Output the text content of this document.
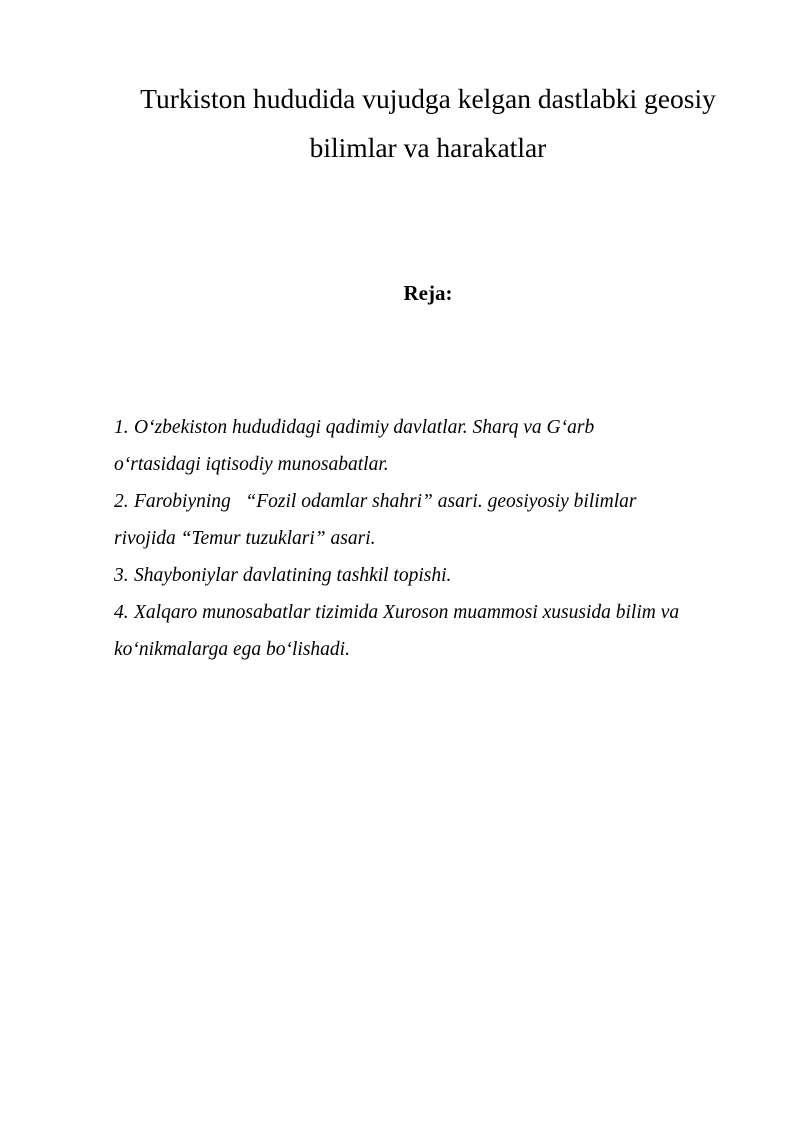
Turkiston hududida vujudga kelgan dastlabki geosiy
bilimlar va harakatlar
Reja:
1. O‘zbekiston hududidagi qadimiy davlatlar. Sharq va G‘arb
o‘rtasidagi iqtisodiy munosabatlar.
2. Farobiyning   “Fozil odamlar shahri” asari. geosiyosiy bilimlar
rivojida “Temur tuzuklari” asari.
3. Shayboniylar davlatining tashkil topishi.
4. Xalqaro munosabatlar tizimida Xuroson muammosi xususida bilim va
ko‘nikmalarga ega bo‘lishadi.
